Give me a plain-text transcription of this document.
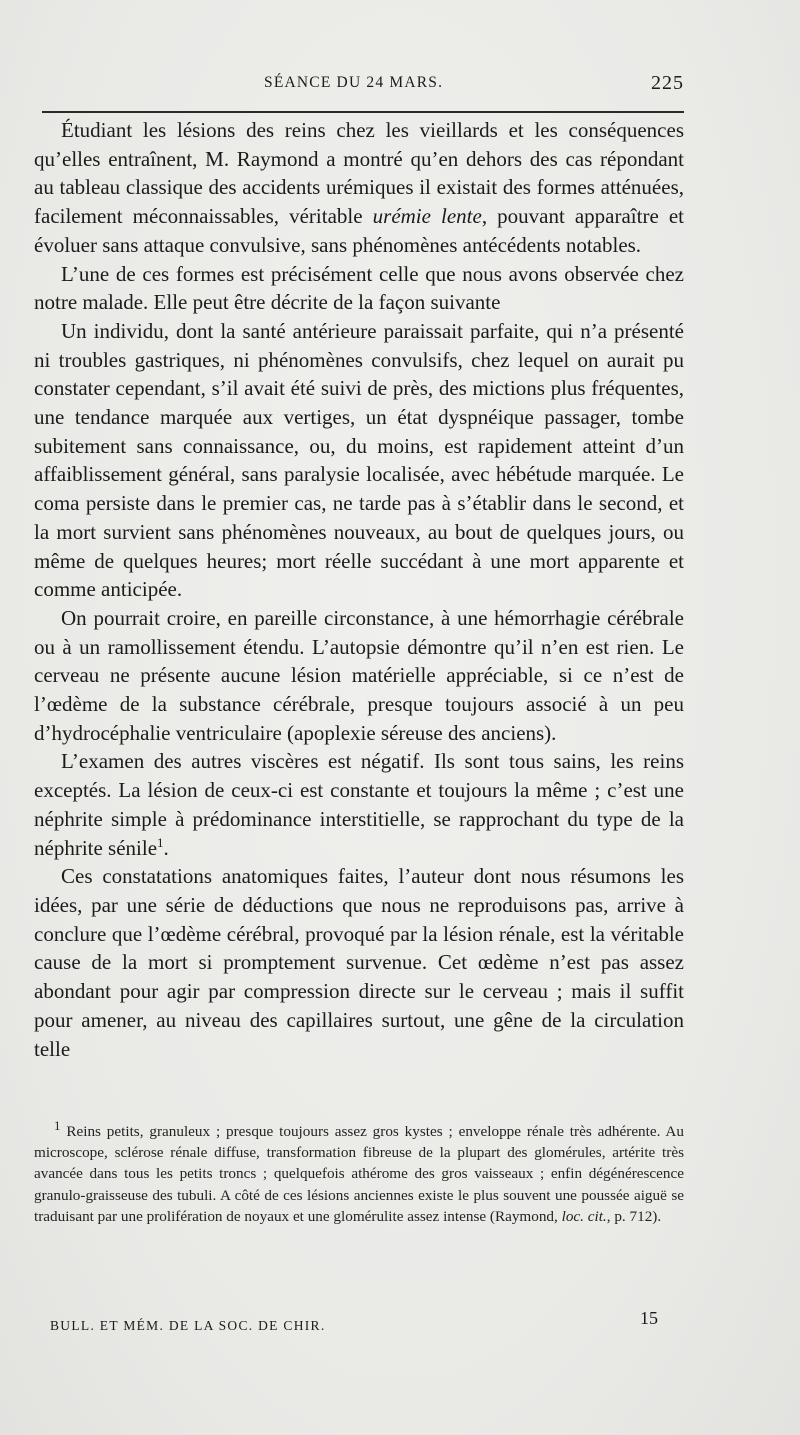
SÉANCE DU 24 MARS.	225

Étudiant les lésions des reins chez les vieillards et les conséquences qu’elles entraînent, M. Raymond a montré qu’en dehors des cas répondant au tableau classique des accidents urémiques il existait des formes atténuées, facilement méconnaissables, véritable urémie lente, pouvant apparaître et évoluer sans attaque convulsive, sans phénomènes antécédents notables.

L’une de ces formes est précisément celle que nous avons observée chez notre malade. Elle peut être décrite de la façon suivante

Un individu, dont la santé antérieure paraissait parfaite, qui n’a présenté ni troubles gastriques, ni phénomènes convulsifs, chez lequel on aurait pu constater cependant, s’il avait été suivi de près, des mictions plus fréquentes, une tendance marquée aux vertiges, un état dyspnéique passager, tombe subitement sans connaissance, ou, du moins, est rapidement atteint d’un affaiblissement général, sans paralysie localisée, avec hébétude marquée. Le coma persiste dans le premier cas, ne tarde pas à s’établir dans le second, et la mort survient sans phénomènes nouveaux, au bout de quelques jours, ou même de quelques heures; mort réelle succédant à une mort apparente et comme anticipée.

On pourrait croire, en pareille circonstance, à une hémorrhagie cérébrale ou à un ramollissement étendu. L’autopsie démontre qu’il n’en est rien. Le cerveau ne présente aucune lésion matérielle appréciable, si ce n’est de l’œdème de la substance cérébrale, presque toujours associé à un peu d’hydrocéphalie ventriculaire (apoplexie séreuse des anciens).

L’examen des autres viscères est négatif. Ils sont tous sains, les reins exceptés. La lésion de ceux-ci est constante et toujours la même ; c’est une néphrite simple à prédominance interstitielle, se rapprochant du type de la néphrite sénile$^1$.

Ces constatations anatomiques faites, l’auteur dont nous résumons les idées, par une série de déductions que nous ne reproduisons pas, arrive à conclure que l’œdème cérébral, provoqué par la lésion rénale, est la véritable cause de la mort si promptement survenue. Cet œdème n’est pas assez abondant pour agir par compression directe sur le cerveau ; mais il suffit pour amener, au niveau des capillaires surtout, une gêne de la circulation telle

1 Reins petits, granuleux ; presque toujours assez gros kystes ; enveloppe rénale très adhérente. Au microscope, sclérose rénale diffuse, transformation fibreuse de la plupart des glomérules, artérite très avancée dans tous les petits troncs ; quelquefois athérome des gros vaisseaux ; enfin dégénérescence granulo-graisseuse des tubuli. A côté de ces lésions anciennes existe le plus souvent une poussée aiguë se traduisant par une prolifération de noyaux et une glomérulite assez intense (Raymond, loc. cit., p. 712).
BULL. ET MÉM. DE LA SOC. DE CHIR.	15
